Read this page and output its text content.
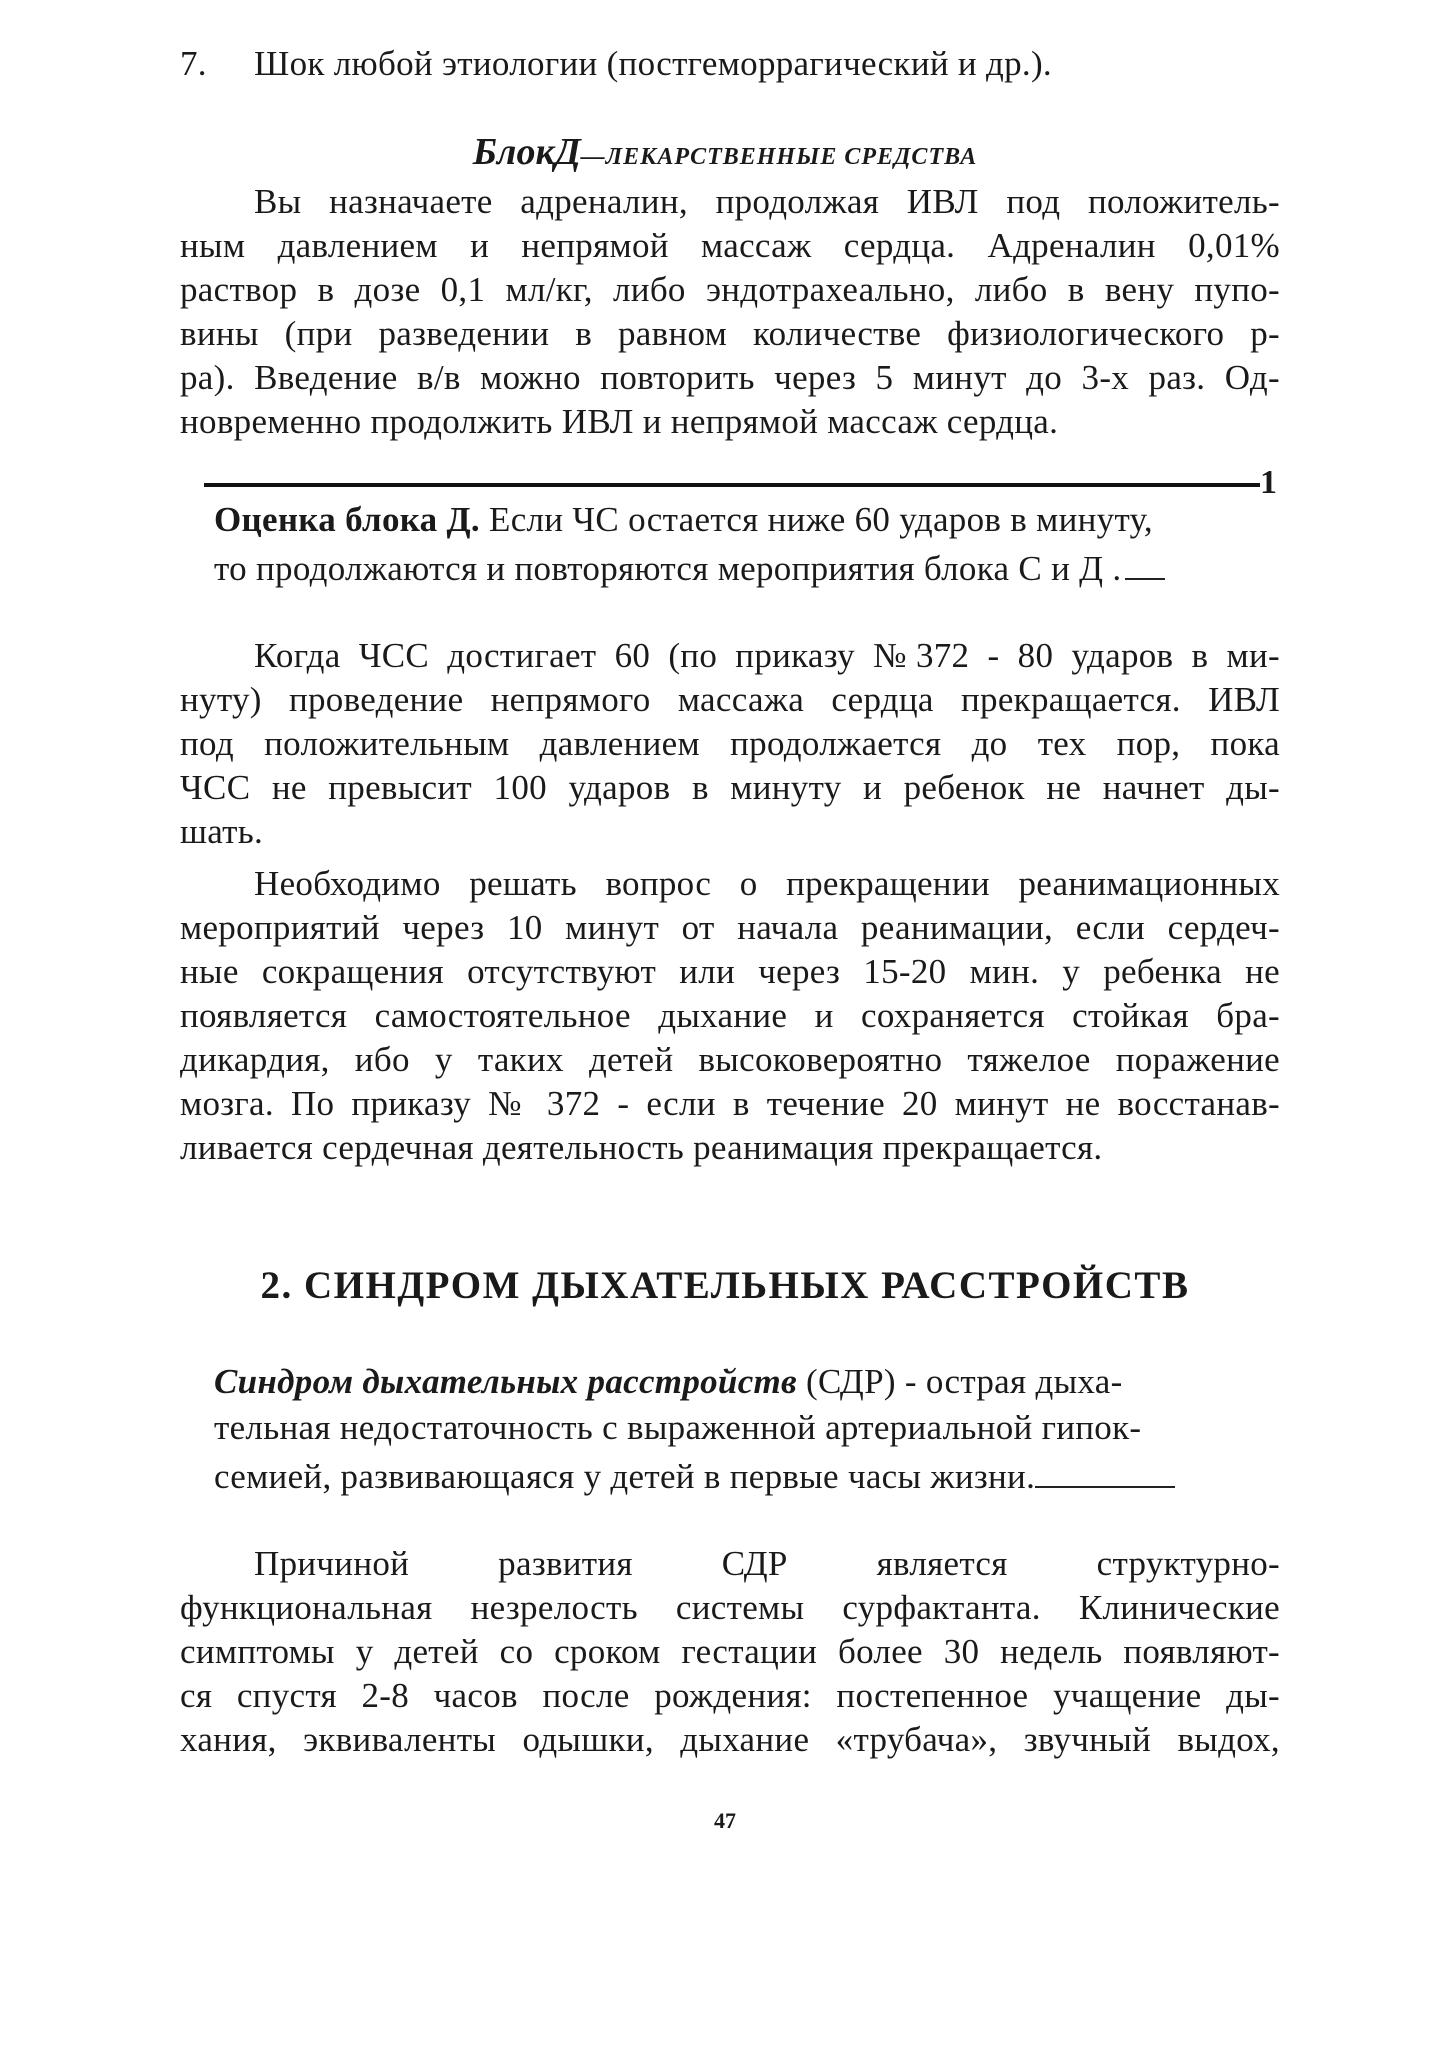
7. Шок любой этиологии (постгеморрагический и др.).
БлокД—ЛЕКАРСТВЕННЫЕ СРЕДСТВА
Вы назначаете адреналин, продолжая ИВЛ под положитель-
ным давлением и непрямой массаж сердца. Адреналин 0,01%
раствор в дозе 0,1 мл/кг, либо эндотрахеально, либо в вену пупо-
вины (при разведении в равном количестве физиологического р-
ра). Введение в/в можно повторить через 5 минут до 3-х раз. Од-
новременно продолжить ИВЛ и непрямой массаж сердца.
1
Оценка блока Д. Если ЧС остается ниже 60 ударов в минуту,
то продолжаются и повторяются мероприятия блока С и Д .
Когда ЧСС достигает 60 (по приказу №372 - 80 ударов в ми-
нуту) проведение непрямого массажа сердца прекращается. ИВЛ
под положительным давлением продолжается до тех пор, пока
ЧСС не превысит 100 ударов в минуту и ребенок не начнет ды-
шать.
Необходимо решать вопрос о прекращении реанимационных
мероприятий через 10 минут от начала реанимации, если сердеч-
ные сокращения отсутствуют или через 15-20 мин. у ребенка не
появляется самостоятельное дыхание и сохраняется стойкая бра-
дикардия, ибо у таких детей высоковероятно тяжелое поражение
мозга. По приказу № 372 - если в течение 20 минут не восстанав-
ливается сердечная деятельность реанимация прекращается.
2. СИНДРОМ ДЫХАТЕЛЬНЫХ РАССТРОЙСТВ
Синдром дыхательных расстройств (СДР) - острая дыха-
тельная недостаточность с выраженной артериальной гипок-
семией, развивающаяся у детей в первые часы жизни.
Причиной развития СДР является структурно-
функциональная незрелость системы сурфактанта. Клинические
симптомы у детей со сроком гестации более 30 недель появляют-
ся спустя 2-8 часов после рождения: постепенное учащение ды-
хания, эквиваленты одышки, дыхание «трубача», звучный выдох,
47
